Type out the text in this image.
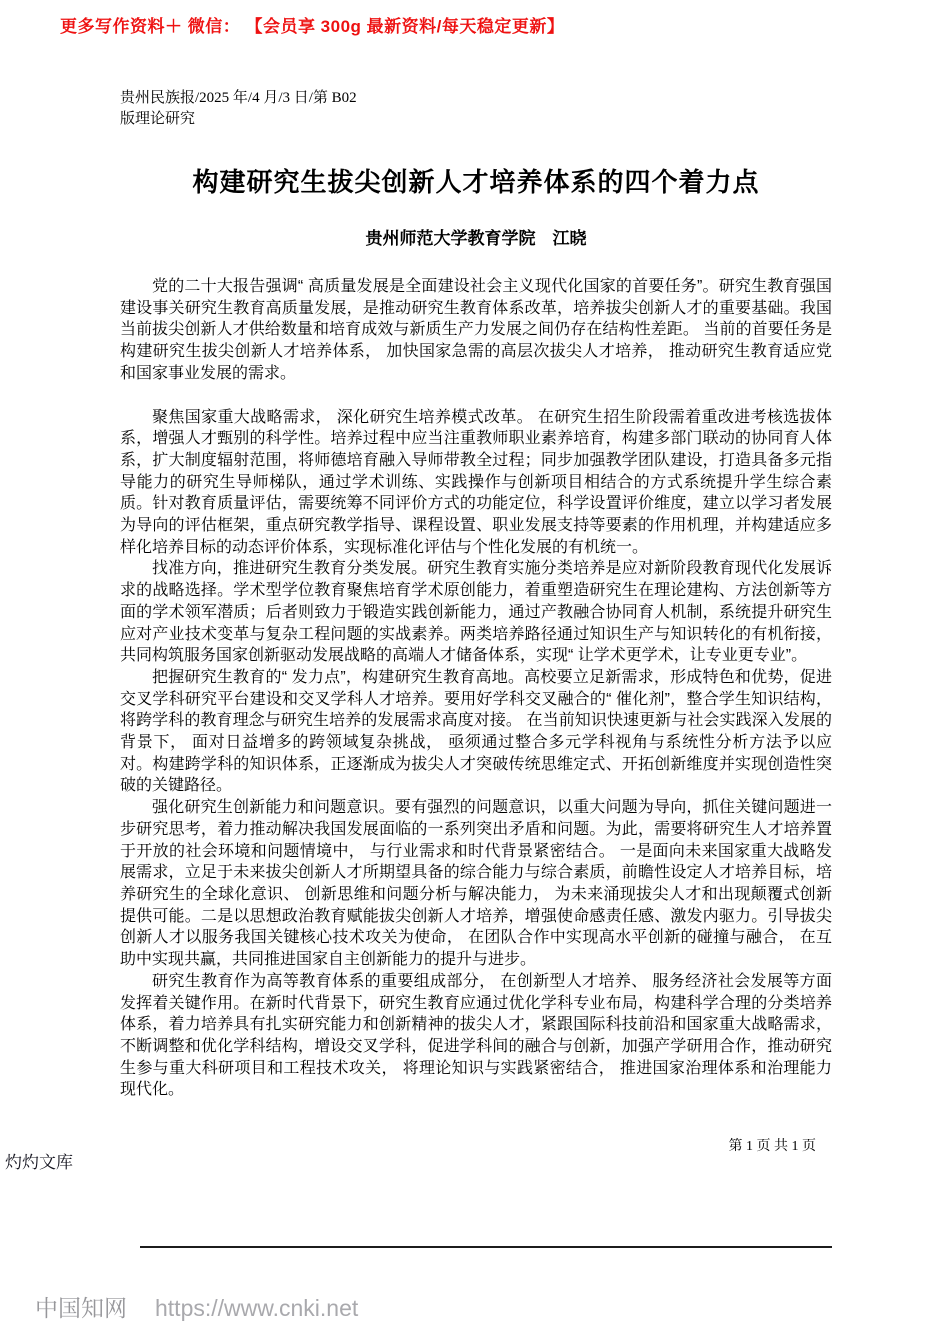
更多写作资料＋ 微信： 【会员享 300g 最新资料/每天稳定更新】
贵州民族报/2025 年/4 月/3 日/第 B02
版理论研究
构建研究生拔尖创新人才培养体系的四个着力点
贵州师范大学教育学院　江晓

党的二十大报告强调“ 高质量发展是全面建设社会主义现代化国家的首要任务”。研究生教育强国建设事关研究生教育高质量发展，是推动研究生教育体系改革，培养拔尖创新人才的重要基础。我国当前拔尖创新人才供给数量和培育成效与新质生产力发展之间仍存在结构性差距。 当前的首要任务是构建研究生拔尖创新人才培养体系， 加快国家急需的高层次拔尖人才培养， 推动研究生教育适应党和国家事业发展的需求。

聚焦国家重大战略需求， 深化研究生培养模式改革。 在研究生招生阶段需着重改进考核选拔体系，增强人才甄别的科学性。培养过程中应当注重教师职业素养培育，构建多部门联动的协同育人体系，扩大制度辐射范围，将师德培育融入导师带教全过程；同步加强教学团队建设，打造具备多元指导能力的研究生导师梯队，通过学术训练、实践操作与创新项目相结合的方式系统提升学生综合素质。针对教育质量评估，需要统筹不同评价方式的功能定位，科学设置评价维度，建立以学习者发展为导向的评估框架，重点研究教学指导、课程设置、职业发展支持等要素的作用机理，并构建适应多样化培养目标的动态评价体系，实现标准化评估与个性化发展的有机统一。

找准方向，推进研究生教育分类发展。研究生教育实施分类培养是应对新阶段教育现代化发展诉求的战略选择。学术型学位教育聚焦培育学术原创能力，着重塑造研究生在理论建构、方法创新等方面的学术领军潜质；后者则致力于锻造实践创新能力，通过产教融合协同育人机制，系统提升研究生应对产业技术变革与复杂工程问题的实战素养。两类培养路径通过知识生产与知识转化的有机衔接，共同构筑服务国家创新驱动发展战略的高端人才储备体系，实现“ 让学术更学术，让专业更专业”。

把握研究生教育的“ 发力点”，构建研究生教育高地。高校要立足新需求，形成特色和优势，促进交叉学科研究平台建设和交叉学科人才培养。要用好学科交叉融合的“ 催化剂”，整合学生知识结构，将跨学科的教育理念与研究生培养的发展需求高度对接。 在当前知识快速更新与社会实践深入发展的背景下， 面对日益增多的跨领域复杂挑战， 亟须通过整合多元学科视角与系统性分析方法予以应对。构建跨学科的知识体系，正逐渐成为拔尖人才突破传统思维定式、开拓创新维度并实现创造性突破的关键路径。

强化研究生创新能力和问题意识。要有强烈的问题意识，以重大问题为导向，抓住关键问题进一步研究思考，着力推动解决我国发展面临的一系列突出矛盾和问题。为此，需要将研究生人才培养置于开放的社会环境和问题情境中， 与行业需求和时代背景紧密结合。 一是面向未来国家重大战略发展需求，立足于未来拔尖创新人才所期望具备的综合能力与综合素质，前瞻性设定人才培养目标，培养研究生的全球化意识、 创新思维和问题分析与解决能力， 为未来涌现拔尖人才和出现颠覆式创新提供可能。二是以思想政治教育赋能拔尖创新人才培养，增强使命感责任感、激发内驱力。引导拔尖创新人才以服务我国关键核心技术攻关为使命， 在团队合作中实现高水平创新的碰撞与融合， 在互助中实现共赢，共同推进国家自主创新能力的提升与进步。

研究生教育作为高等教育体系的重要组成部分， 在创新型人才培养、 服务经济社会发展等方面发挥着关键作用。在新时代背景下，研究生教育应通过优化学科专业布局，构建科学合理的分类培养体系，着力培养具有扎实研究能力和创新精神的拔尖人才，紧跟国际科技前沿和国家重大战略需求，不断调整和优化学科结构，增设交叉学科，促进学科间的融合与创新，加强产学研用合作，推动研究生参与重大科研项目和工程技术攻关， 将理论知识与实践紧密结合， 推进国家治理体系和治理能力现代化。

第 1 页 共 1 页
灼灼文库
中国知网 https://www.cnki.net
